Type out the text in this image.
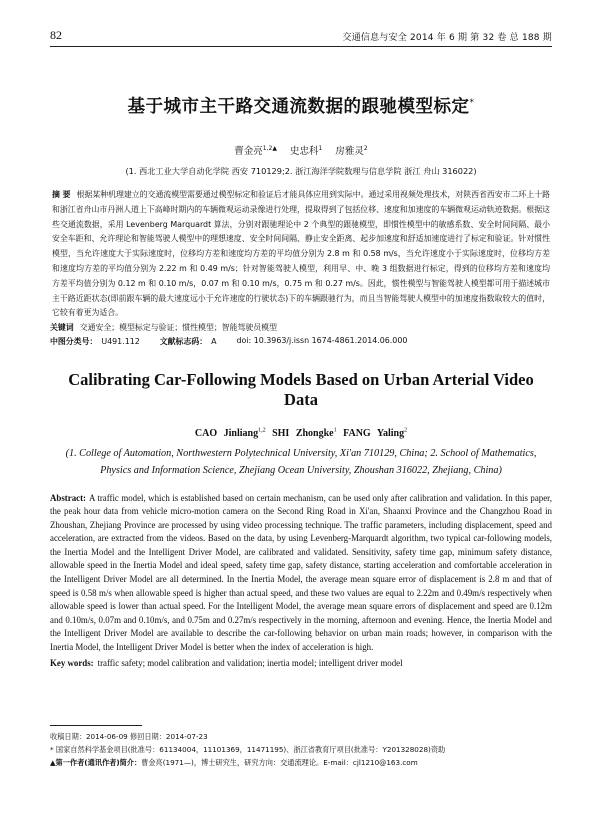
82	交通信息与安全 2014 年 6 期 第 32 卷 总 188 期
基于城市主干路交通流数据的跟驰模型标定*
曹金亮$^{1,2▲}$ 史忠科$^1$ 房雅灵$^2$
(1. 西北工业大学自动化学院 西安 710129;2. 浙江海洋学院数理与信息学院 浙江 舟山 316022)
摘 要 根据某种机理建立的交通流模型需要通过模型标定和验证后才能具体应用到实际中。通过采用视频处理技术，对陕西省西安市二环上十路和浙江省舟山市丹洲人道上下高峰时期内的车辆微观运动录像进行处理，提取得到了包括位移、速度和加速度的车辆微观运动轨迹数据。根据这些交通流数据，采用 Levenberg Marquardt 算法，分别对跟驰理论中 2 个典型的跟驰模型，即惯性模型中的敏感系数、安全时间间隔、最小安全车距和、允许理论和智能驾驶人模型中的理想速度、安全时间间隔、静止安全距离、起步加速度和舒适加速度进行了标定和验证。针对惯性模型，当允许速度大于实际速度时，位移均方差和速度均方差的平均值分别为 2.8 m 和 0.58 m/s，当允许速度小于实际速度时，位移均方差和速度均方差的平均值分别为 2.22 m 和 0.49 m/s；针对智能驾驶人模型，利用早、中、晚 3 组数据进行标定，得到的位移均方差和速度均方差平均值分别为 0.12 m 和 0.10 m/s，0.07 m 和 0.10 m/s，0.75 m 和 0.27 m/s。因此，惯性模型与智能驾驶人模型都可用于描述城市主干路近距状态(即前跟车辆的最大速度远小于允许速度的行驶状态)下的车辆跟驰行为，而且当智能驾驶人模型中的加速度指数取较大的值时，它较有着更为适合。
关键词 交通安全；模型标定与验证；惯性模型；智能驾驶员模型
中图分类号： U491.112	文献标志码： A	doi: 10.3963/j.issn 1674-4861.2014.06.000
Calibrating Car-Following Models Based on Urban Arterial Video Data
CAO Jinliang$^{1,2}$ SHI Zhongke$^1$ FANG Yaling$^2$
(1. College of Automation, Northwestern Polytechnical University, Xi'an 710129, China; 2. School of Mathematics, Physics and Information Science, Zhejiang Ocean University, Zhoushan 316022, Zhejiang, China)
Abstract: A traffic model, which is established based on certain mechanism, can be used only after calibration and validation. In this paper, the peak hour data from vehicle micro-motion camera on the Second Ring Road in Xi'an, Shaanxi Province and the Changzhou Road in Zhoushan, Zhejiang Province are processed by using video processing technique. The traffic parameters, including displacement, speed and acceleration, are extracted from the videos. Based on the data, by using Levenberg-Marquardt algorithm, two typical car-following models, the Inertia Model and the Intelligent Driver Model, are calibrated and validated. Sensitivity, safety time gap, minimum safety distance, allowable speed in the Inertia Model and ideal speed, safety time gap, safety distance, starting acceleration and comfortable acceleration in the Intelligent Driver Model are all determined. In the Inertia Model, the average mean square error of displacement is 2.8 m and that of speed is 0.58 m/s when allowable speed is higher than actual speed, and these two values are equal to 2.22m and 0.49m/s respectively when allowable speed is lower than actual speed. For the Intelligent Model, the average mean square errors of displacement and speed are 0.12m and 0.10m/s, 0.07m and 0.10m/s, and 0.75m and 0.27m/s respectively in the morning, afternoon and evening. Hence, the Inertia Model and the Intelligent Driver Model are available to describe the car-following behavior on urban main roads; however, in comparison with the Inertia Model, the Intelligent Driver Model is better when the index of acceleration is high.
Key words: traffic safety; model calibration and validation; inertia model; intelligent driver model
收稿日期：2014-06-09 修回日期：2014-07-23
* 国家自然科学基金项目(批准号：61134004，11101369，11471195)、浙江省教育厅项目(批准号：Y201328028)资助
▲第一作者(通讯作者)简介：曹金亮(1971—)，博士研究生，研究方向：交通流理论。E-mail：cjl1210@163.com
